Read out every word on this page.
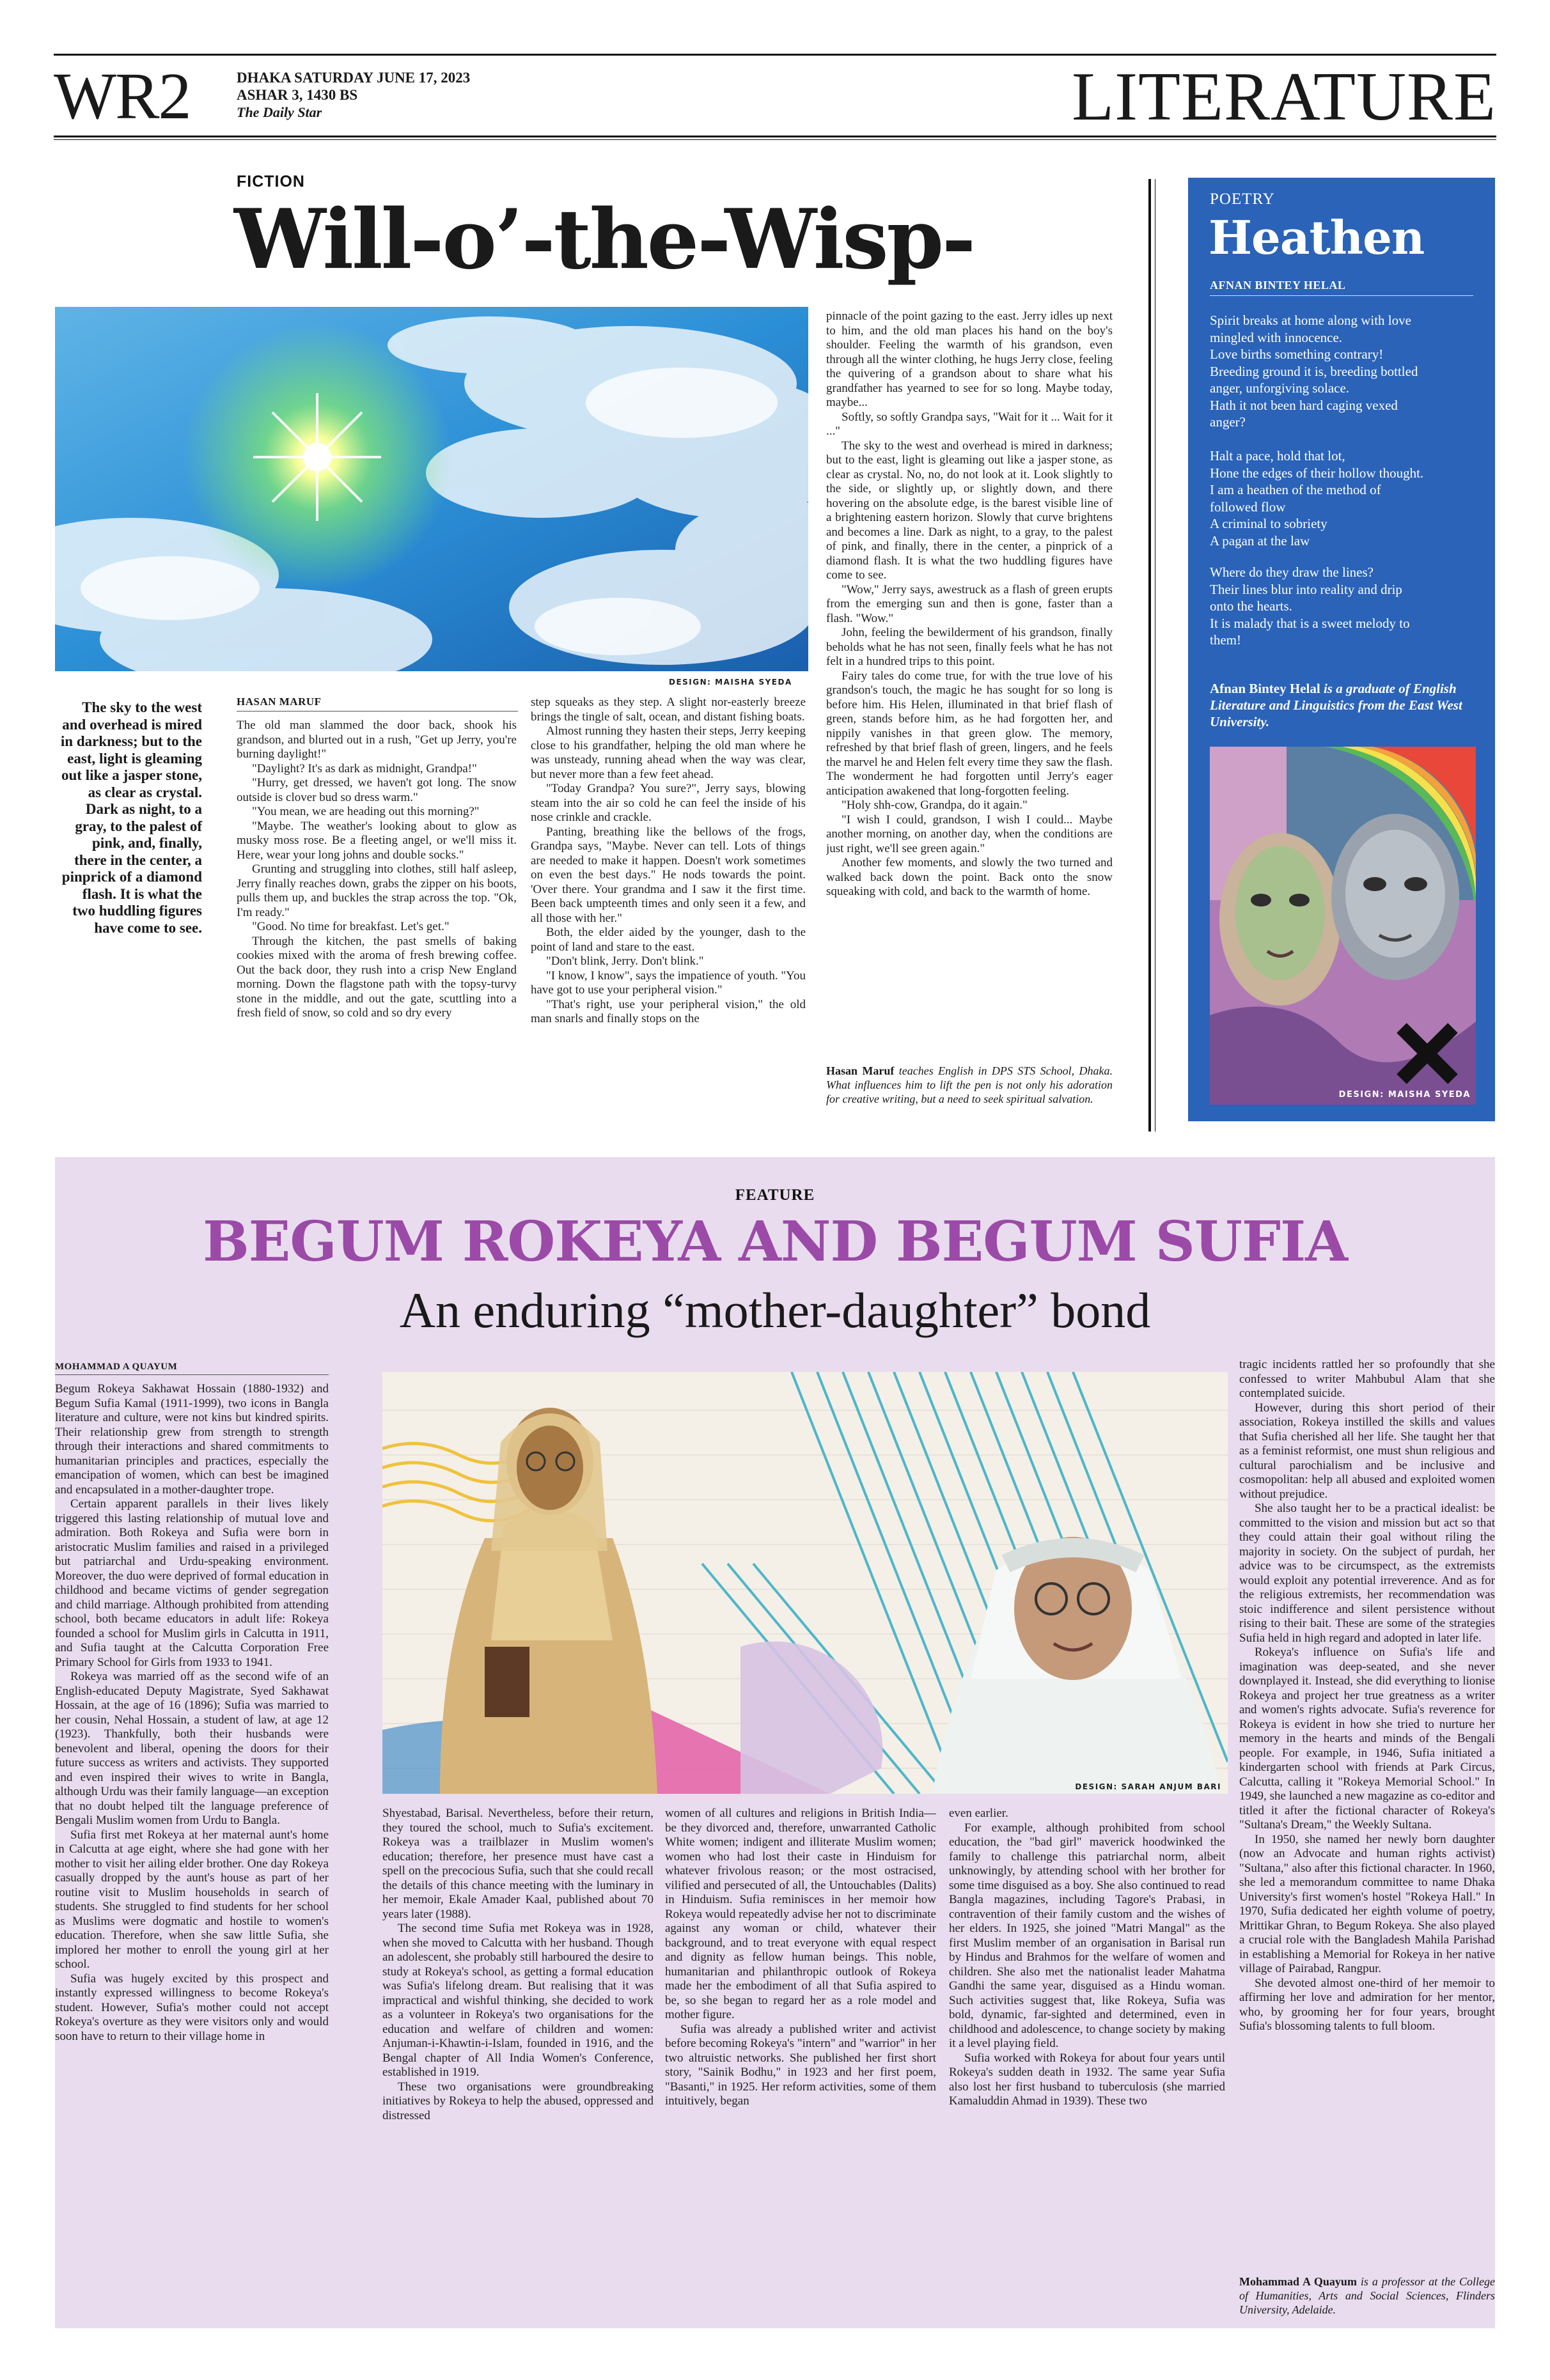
WR2	DHAKA SATURDAY JUNE 17, 2023
ASHAR 3, 1430 BS
The Daily Star	LITERATURE
FICTION
Will-o’-the-Wisp-
DESIGN: MAISHA SYEDA
The sky to the west and overhead is mired in darkness; but to the east, light is gleaming out like a jasper stone, as clear as crystal. Dark as night, to a gray, to the palest of pink, and, finally, there in the center, a pinprick of a diamond flash. It is what the two huddling figures have come to see.
HASAN MARUF

The old man slammed the door back, shook his grandson, and blurted out in a rush, "Get up Jerry, you're burning daylight!"

"Daylight? It's as dark as midnight, Grandpa!"

"Hurry, get dressed, we haven't got long. The snow outside is clover bud so dress warm."

"You mean, we are heading out this morning?"

"Maybe. The weather's looking about to glow as musky moss rose. Be a fleeting angel, or we'll miss it. Here, wear your long johns and double socks."

Grunting and struggling into clothes, still half asleep, Jerry finally reaches down, grabs the zipper on his boots, pulls them up, and buckles the strap across the top. "Ok, I'm ready."

"Good. No time for breakfast. Let's get."

Through the kitchen, the past smells of baking cookies mixed with the aroma of fresh brewing coffee. Out the back door, they rush into a crisp New England morning. Down the flagstone path with the topsy-turvy stone in the middle, and out the gate, scuttling into a fresh field of snow, so cold and so dry every

step squeaks as they step. A slight nor-easterly breeze brings the tingle of salt, ocean, and distant fishing boats.

Almost running they hasten their steps, Jerry keeping close to his grandfather, helping the old man where he was unsteady, running ahead when the way was clear, but never more than a few feet ahead.

"Today Grandpa? You sure?", Jerry says, blowing steam into the air so cold he can feel the inside of his nose crinkle and crackle.

Panting, breathing like the bellows of the frogs, Grandpa says, "Maybe. Never can tell. Lots of things are needed to make it happen. Doesn't work sometimes on even the best days." He nods towards the point. 'Over there. Your grandma and I saw it the first time. Been back umpteenth times and only seen it a few, and all those with her."

Both, the elder aided by the younger, dash to the point of land and stare to the east.

"Don't blink, Jerry. Don't blink."

"I know, I know", says the impatience of youth. "You have got to use your peripheral vision."

"That's right, use your peripheral vision," the old man snarls and finally stops on the

pinnacle of the point gazing to the east. Jerry idles up next to him, and the old man places his hand on the boy's shoulder. Feeling the warmth of his grandson, even through all the winter clothing, he hugs Jerry close, feeling the quivering of a grandson about to share what his grandfather has yearned to see for so long. Maybe today, maybe...

Softly, so softly Grandpa says, "Wait for it ... Wait for it ..."

The sky to the west and overhead is mired in darkness; but to the east, light is gleaming out like a jasper stone, as clear as crystal. No, no, do not look at it. Look slightly to the side, or slightly up, or slightly down, and there hovering on the absolute edge, is the barest visible line of a brightening eastern horizon. Slowly that curve brightens and becomes a line. Dark as night, to a gray, to the palest of pink, and finally, there in the center, a pinprick of a diamond flash. It is what the two huddling figures have come to see.

"Wow," Jerry says, awestruck as a flash of green erupts from the emerging sun and then is gone, faster than a flash. "Wow."

John, feeling the bewilderment of his grandson, finally beholds what he has not seen, finally feels what he has not felt in a hundred trips to this point.

Fairy tales do come true, for with the true love of his grandson's touch, the magic he has sought for so long is before him. His Helen, illuminated in that brief flash of green, stands before him, as he had forgotten her, and nippily vanishes in that green glow. The memory, refreshed by that brief flash of green, lingers, and he feels the marvel he and Helen felt every time they saw the flash. The wonderment he had forgotten until Jerry's eager anticipation awakened that long-forgotten feeling.

"Holy shh-cow, Grandpa, do it again."

"I wish I could, grandson, I wish I could... Maybe another morning, on another day, when the conditions are just right, we'll see green again."

Another few moments, and slowly the two turned and walked back down the point. Back onto the snow squeaking with cold, and back to the warmth of home.

Hasan Maruf teaches English in DPS STS School, Dhaka. What influences him to lift the pen is not only his adoration for creative writing, but a need to seek spiritual salvation.
POETRY
Heathen
AFNAN BINTEY HELAL
Spirit breaks at home along with love
mingled with innocence.
Love births something contrary!
Breeding ground it is, breeding bottled
anger, unforgiving solace.
Hath it not been hard caging vexed
anger?
Halt a pace, hold that lot,
Hone the edges of their hollow thought.
I am a heathen of the method of
followed flow
A criminal to sobriety
A pagan at the law
Where do they draw the lines?
Their lines blur into reality and drip
onto the hearts.
It is malady that is a sweet melody to
them!
Afnan Bintey Helal is a graduate of English Literature and Linguistics from the East West University.
DESIGN: MAISHA SYEDA
FEATURE
BEGUM ROKEYA AND BEGUM SUFIA
An enduring “mother-daughter” bond
MOHAMMAD A QUAYUM
DESIGN: SARAH ANJUM BARI

Begum Rokeya Sakhawat Hossain (1880-1932) and Begum Sufia Kamal (1911-1999), two icons in Bangla literature and culture, were not kins but kindred spirits. Their relationship grew from strength to strength through their interactions and shared commitments to humanitarian principles and practices, especially the emancipation of women, which can best be imagined and encapsulated in a mother-daughter trope.

Certain apparent parallels in their lives likely triggered this lasting relationship of mutual love and admiration. Both Rokeya and Sufia were born in aristocratic Muslim families and raised in a privileged but patriarchal and Urdu-speaking environment. Moreover, the duo were deprived of formal education in childhood and became victims of gender segregation and child marriage. Although prohibited from attending school, both became educators in adult life: Rokeya founded a school for Muslim girls in Calcutta in 1911, and Sufia taught at the Calcutta Corporation Free Primary School for Girls from 1933 to 1941.

Rokeya was married off as the second wife of an English-educated Deputy Magistrate, Syed Sakhawat Hossain, at the age of 16 (1896); Sufia was married to her cousin, Nehal Hossain, a student of law, at age 12 (1923). Thankfully, both their husbands were benevolent and liberal, opening the doors for their future success as writers and activists. They supported and even inspired their wives to write in Bangla, although Urdu was their family language—an exception that no doubt helped tilt the language preference of Bengali Muslim women from Urdu to Bangla.

Sufia first met Rokeya at her maternal aunt's home in Calcutta at age eight, where she had gone with her mother to visit her ailing elder brother. One day Rokeya casually dropped by the aunt's house as part of her routine visit to Muslim households in search of students. She struggled to find students for her school as Muslims were dogmatic and hostile to women's education. Therefore, when she saw little Sufia, she implored her mother to enroll the young girl at her school.

Sufia was hugely excited by this prospect and instantly expressed willingness to become Rokeya's student. However, Sufia's mother could not accept Rokeya's overture as they were visitors only and would soon have to return to their village home in

Shyestabad, Barisal. Nevertheless, before their return, they toured the school, much to Sufia's excitement. Rokeya was a trailblazer in Muslim women's education; therefore, her presence must have cast a spell on the precocious Sufia, such that she could recall the details of this chance meeting with the luminary in her memoir, Ekale Amader Kaal, published about 70 years later (1988).

The second time Sufia met Rokeya was in 1928, when she moved to Calcutta with her husband. Though an adolescent, she probably still harboured the desire to study at Rokeya's school, as getting a formal education was Sufia's lifelong dream. But realising that it was impractical and wishful thinking, she decided to work as a volunteer in Rokeya's two organisations for the education and welfare of children and women: Anjuman-i-Khawtin-i-Islam, founded in 1916, and the Bengal chapter of All India Women's Conference, established in 1919.

These two organisations were groundbreaking initiatives by Rokeya to help the abused, oppressed and distressed

women of all cultures and religions in British India—be they divorced and, therefore, unwarranted Catholic White women; indigent and illiterate Muslim women; women who had lost their caste in Hinduism for whatever frivolous reason; or the most ostracised, vilified and persecuted of all, the Untouchables (Dalits) in Hinduism. Sufia reminisces in her memoir how Rokeya would repeatedly advise her not to discriminate against any woman or child, whatever their background, and to treat everyone with equal respect and dignity as fellow human beings. This noble, humanitarian and philanthropic outlook of Rokeya made her the embodiment of all that Sufia aspired to be, so she began to regard her as a role model and mother figure.

Sufia was already a published writer and activist before becoming Rokeya's "intern" and "warrior" in her two altruistic networks. She published her first short story, "Sainik Bodhu," in 1923 and her first poem, "Basanti," in 1925. Her reform activities, some of them intuitively, began

even earlier.

For example, although prohibited from school education, the "bad girl" maverick hoodwinked the family to challenge this patriarchal norm, albeit unknowingly, by attending school with her brother for some time disguised as a boy. She also continued to read Bangla magazines, including Tagore's Prabasi, in contravention of their family custom and the wishes of her elders. In 1925, she joined "Matri Mangal" as the first Muslim member of an organisation in Barisal run by Hindus and Brahmos for the welfare of women and children. She also met the nationalist leader Mahatma Gandhi the same year, disguised as a Hindu woman. Such activities suggest that, like Rokeya, Sufia was bold, dynamic, far-sighted and determined, even in childhood and adolescence, to change society by making it a level playing field.

Sufia worked with Rokeya for about four years until Rokeya's sudden death in 1932. The same year Sufia also lost her first husband to tuberculosis (she married Kamaluddin Ahmad in 1939). These two

tragic incidents rattled her so profoundly that she confessed to writer Mahbubul Alam that she contemplated suicide.

However, during this short period of their association, Rokeya instilled the skills and values that Sufia cherished all her life. She taught her that as a feminist reformist, one must shun religious and cultural parochialism and be inclusive and cosmopolitan: help all abused and exploited women without prejudice.

She also taught her to be a practical idealist: be committed to the vision and mission but act so that they could attain their goal without riling the majority in society. On the subject of purdah, her advice was to be circumspect, as the extremists would exploit any potential irreverence. And as for the religious extremists, her recommendation was stoic indifference and silent persistence without rising to their bait. These are some of the strategies Sufia held in high regard and adopted in later life.

Rokeya's influence on Sufia's life and imagination was deep-seated, and she never downplayed it. Instead, she did everything to lionise Rokeya and project her true greatness as a writer and women's rights advocate. Sufia's reverence for Rokeya is evident in how she tried to nurture her memory in the hearts and minds of the Bengali people. For example, in 1946, Sufia initiated a kindergarten school with friends at Park Circus, Calcutta, calling it "Rokeya Memorial School." In 1949, she launched a new magazine as co-editor and titled it after the fictional character of Rokeya's "Sultana's Dream," the Weekly Sultana.

In 1950, she named her newly born daughter (now an Advocate and human rights activist) "Sultana," also after this fictional character. In 1960, she led a memorandum committee to name Dhaka University's first women's hostel "Rokeya Hall." In 1970, Sufia dedicated her eighth volume of poetry, Mrittikar Ghran, to Begum Rokeya. She also played a crucial role with the Bangladesh Mahila Parishad in establishing a Memorial for Rokeya in her native village of Pairabad, Rangpur.

She devoted almost one-third of her memoir to affirming her love and admiration for her mentor, who, by grooming her for four years, brought Sufia's blossoming talents to full bloom.

Mohammad A Quayum is a professor at the College of Humanities, Arts and Social Sciences, Flinders University, Adelaide.
